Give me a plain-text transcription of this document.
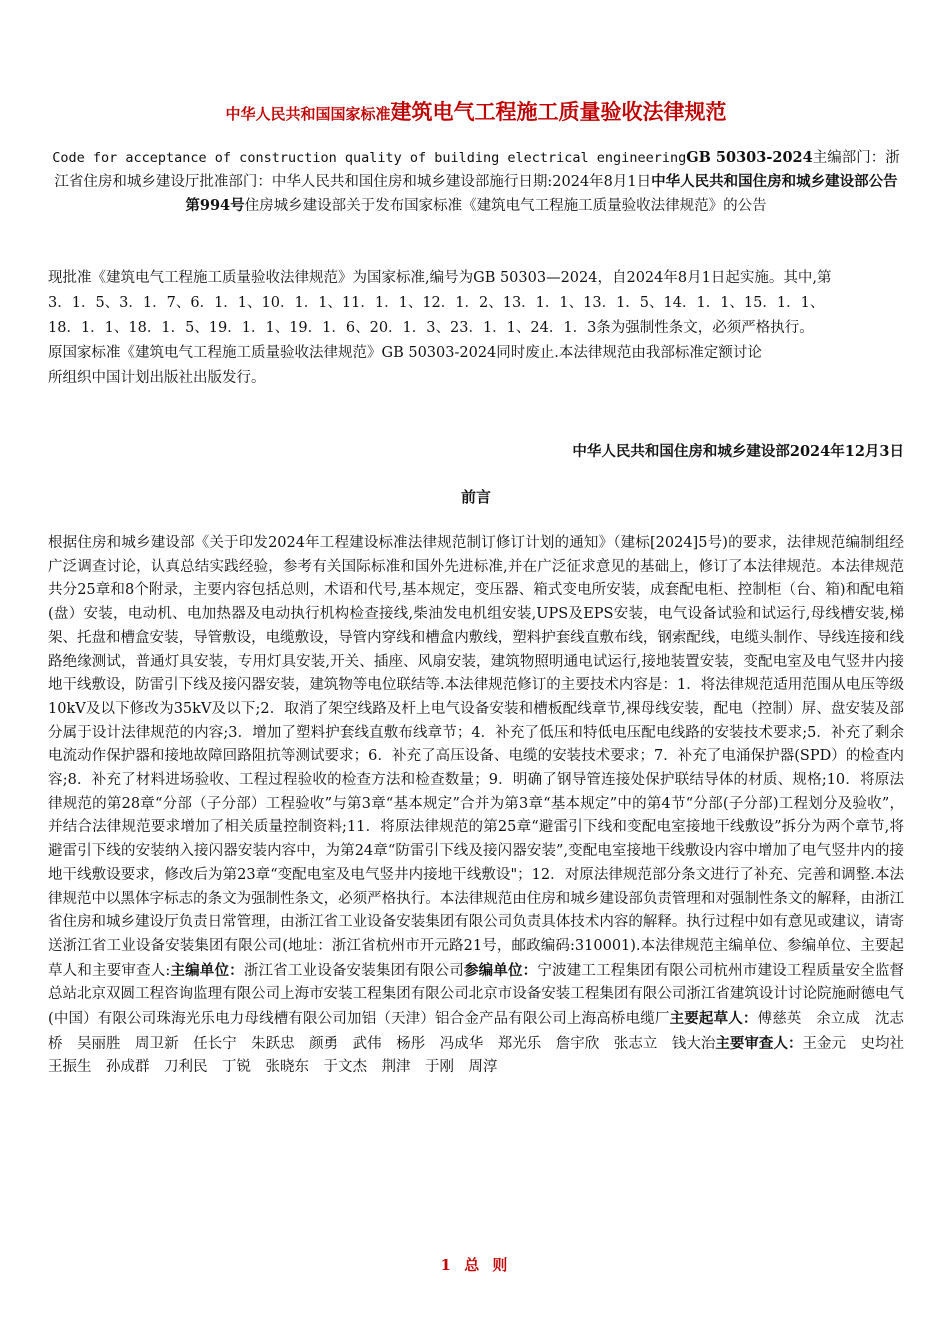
中华人民共和国国家标准建筑电气工程施工质量验收法律规范
Code for acceptance of construction quality of building electrical engineeringGB 50303-2024主编部门：浙江省住房和城乡建设厅批准部门：中华人民共和国住房和城乡建设部施行日期:2024年8月1日中华人民共和国住房和城乡建设部公告第994号住房城乡建设部关于发布国家标准《建筑电气工程施工质量验收法律规范》的公告
现批准《建筑电气工程施工质量验收法律规范》为国家标准,编号为GB 50303—2024，自2024年8月1日起实施。其中,第
3．1．5、3．1．7、6．1．1、10．1．1、11．1．1、12．1．2、13．1．1、13．1．5、14．1．1、15．1．1、
18．1．1、18．1．5、19．1．1、19．1．6、20．1．3、23．1．1、24．1．3条为强制性条文，必须严格执行。
原国家标准《建筑电气工程施工质量验收法律规范》GB 50303-2024同时废止.本法律规范由我部标准定额讨论
所组织中国计划出版社出版发行。
中华人民共和国住房和城乡建设部2024年12月3日
前言
根据住房和城乡建设部《关于印发2024年工程建设标准法律规范制订修订计划的通知》（建标[2024]5号)的要求，法律规范编制组经广泛调查讨论，认真总结实践经验，参考有关国际标准和国外先进标准,并在广泛征求意见的基础上，修订了本法律规范。本法律规范共分25章和8个附录，主要内容包括总则，术语和代号,基本规定，变压器、箱式变电所安装，成套配电柜、控制柜（台、箱)和配电箱(盘）安装，电动机、电加热器及电动执行机构检查接线,柴油发电机组安装,UPS及EPS安装，电气设备试验和试运行,母线槽安装,梯架、托盘和槽盒安装，导管敷设，电缆敷设，导管内穿线和槽盒内敷线，塑料护套线直敷布线，钢索配线，电缆头制作、导线连接和线路绝缘测试，普通灯具安装，专用灯具安装,开关、插座、风扇安装，建筑物照明通电试运行,接地装置安装，变配电室及电气竖井内接地干线敷设，防雷引下线及接闪器安装，建筑物等电位联结等.本法律规范修订的主要技术内容是：1．将法律规范适用范围从电压等级10kV及以下修改为35kV及以下;2．取消了架空线路及杆上电气设备安装和槽板配线章节,裸母线安装，配电（控制）屏、盘安装及部分属于设计法律规范的内容;3．增加了塑料护套线直敷布线章节；4．补充了低压和特低电压配电线路的安装技术要求;5．补充了剩余电流动作保护器和接地故障回路阻抗等测试要求；6．补充了高压设备、电缆的安装技术要求；7．补充了电涌保护器(SPD）的检查内容;8．补充了材料进场验收、工程过程验收的检查方法和检查数量；9．明确了钢导管连接处保护联结导体的材质、规格;10．将原法律规范的第28章“分部（子分部）工程验收”与第3章“基本规定”合并为第3章“基本规定”中的第4节“分部(子分部)工程划分及验收”，并结合法律规范要求增加了相关质量控制资料;11．将原法律规范的第25章“避雷引下线和变配电室接地干线敷设”拆分为两个章节,将避雷引下线的安装纳入接闪器安装内容中，为第24章“防雷引下线及接闪器安装”,变配电室接地干线敷设内容中增加了电气竖井内的接地干线敷设要求，修改后为第23章“变配电室及电气竖井内接地干线敷设"；12．对原法律规范部分条文进行了补充、完善和调整.本法律规范中以黑体字标志的条文为强制性条文，必须严格执行。本法律规范由住房和城乡建设部负责管理和对强制性条文的解释，由浙江省住房和城乡建设厅负责日常管理，由浙江省工业设备安装集团有限公司负责具体技术内容的解释。执行过程中如有意见或建议，请寄送浙江省工业设备安装集团有限公司(地址：浙江省杭州市开元路21号，邮政编码:310001).本法律规范主编单位、参编单位、主要起草人和主要审查人:主编单位：浙江省工业设备安装集团有限公司参编单位：宁波建工工程集团有限公司杭州市建设工程质量安全监督总站北京双圆工程咨询监理有限公司上海市安装工程集团有限公司北京市设备安装工程集团有限公司浙江省建筑设计讨论院施耐德电气(中国）有限公司珠海光乐电力母线槽有限公司加铝（天津）铝合金产品有限公司上海高桥电缆厂主要起草人：傅慈英　余立成　沈志桥　吴丽胜　周卫新　任长宁　朱跃忠　颜勇　武伟　杨彤　冯成华　郑光乐　詹宇欣　张志立　钱大治主要审查人：王金元　史均社　王振生　孙成群　刀利民　丁锐　张晓东　于文杰　荆津　于刚　周淳
1 总 则
